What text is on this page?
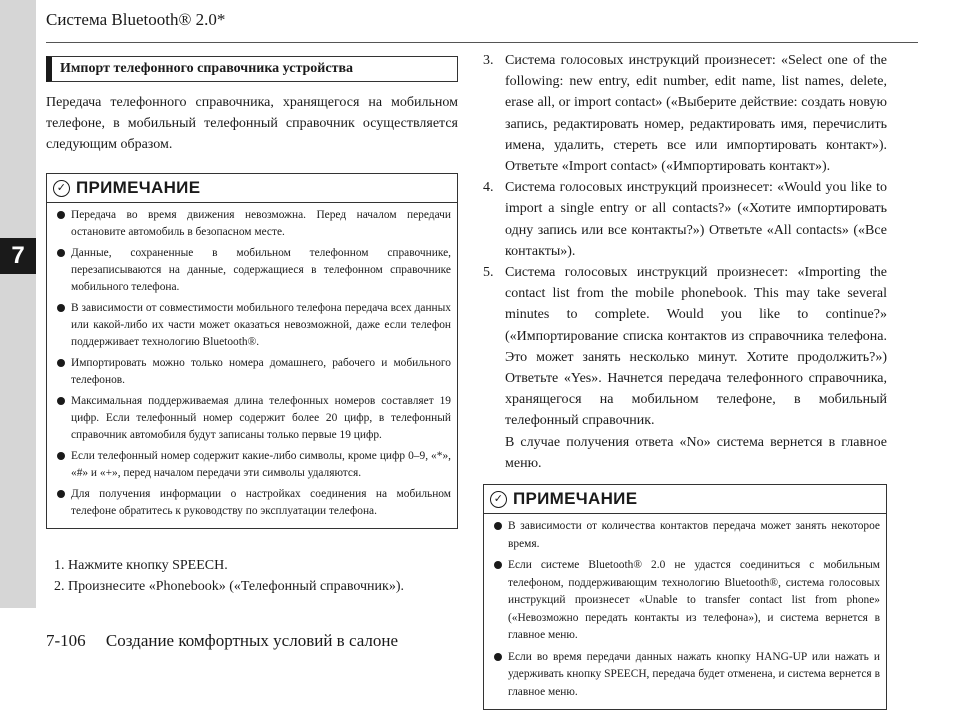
7
Система Bluetooth® 2.0*
Импорт телефонного справочника устройства

Передача телефонного справочника, хранящегося на мобильном телефоне, в мобильный телефонный справочник осуществляется следующим образом.

✓ ПРИМЕЧАНИЕ
Передача во время движения невозможна. Перед началом передачи остановите автомобиль в безопасном месте.
Данные, сохраненные в мобильном телефонном справочнике, перезаписываются на данные, содержащиеся в телефонном справочнике мобильного телефона.
В зависимости от совместимости мобильного телефона передача всех данных или какой-либо их части может оказаться невозможной, даже если телефон поддерживает технологию Bluetooth®.
Импортировать можно только номера домашнего, рабочего и мобильного телефонов.
Максимальная поддерживаемая длина телефонных номеров составляет 19 цифр. Если телефонный номер содержит более 20 цифр, в телефонный справочник автомобиля будут записаны только первые 19 цифр.
Если телефонный номер содержит какие-либо символы, кроме цифр 0–9, «*», «#» и «+», перед началом передачи эти символы удаляются.
Для получения информации о настройках соединения на мобильном телефоне обратитесь к руководству по эксплуатации телефона.
1. Нажмите кнопку SPEECH.
2. Произнесите «Phonebook» («Телефонный справочник»).
3. Система голосовых инструкций произнесет: «Select one of the following: new entry, edit number, edit name, list names, delete, erase all, or import contact» («Выберите действие: создать новую запись, редактировать номер, редактировать имя, перечислить имена, удалить, стереть все или импортировать контакт»). Ответьте «Import contact» («Импортировать контакт»).
4. Система голосовых инструкций произнесет: «Would you like to import a single entry or all contacts?» («Хотите импортировать одну запись или все контакты?») Ответьте «All contacts» («Все контакты»).
5. Система голосовых инструкций произнесет: «Importing the contact list from the mobile phonebook. This may take several minutes to complete. Would you like to continue?» («Импортирование списка контактов из справочника телефона. Это может занять несколько минут. Хотите продолжить?») Ответьте «Yes». Начнется передача телефонного справочника, хранящегося на мобильном телефоне, в мобильный телефонный справочник.
В случае получения ответа «No» система вернется в главное меню.
✓ ПРИМЕЧАНИЕ
В зависимости от количества контактов передача может занять некоторое время.
Если системе Bluetooth® 2.0 не удастся соединиться с мобильным телефоном, поддерживающим технологию Bluetooth®, система голосовых инструкций произнесет «Unable to transfer contact list from phone» («Невозможно передать контакты из телефона»), и система вернется в главное меню.
Если во время передачи данных нажать кнопку HANG-UP или нажать и удерживать кнопку SPEECH, передача будет отменена, и система вернется в главное меню.
7-106 Создание комфортных условий в салоне
